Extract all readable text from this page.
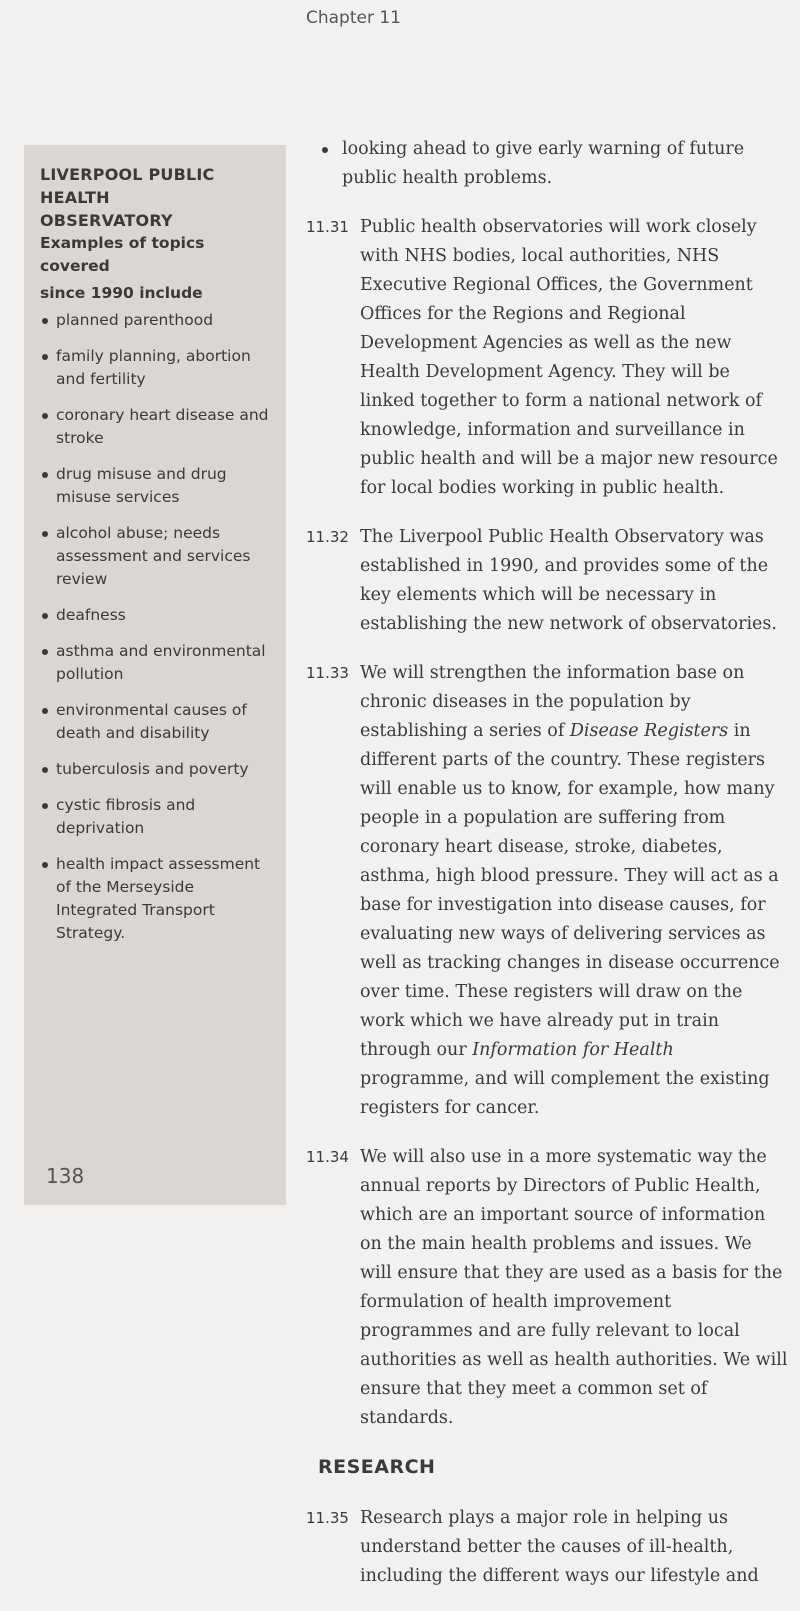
Chapter 11

LIVERPOOL PUBLIC HEALTH

OBSERVATORY

Examples of topics covered

since 1990 include

planned parenthood
family planning, abortion and fertility
coronary heart disease and stroke
drug misuse and drug misuse services
alcohol abuse; needs assessment and services review
deafness
asthma and environmental pollution
environmental causes of death and disability
tuberculosis and poverty
cystic fibrosis and deprivation
health impact assessment of the Merseyside Integrated Transport Strategy.

looking ahead to give early warning of future public health problems.

11.31 Public health observatories will work closely with NHS bodies, local authorities, NHS Executive Regional Offices, the Government Offices for the Regions and Regional Development Agencies as well as the new Health Development Agency. They will be linked together to form a national network of knowledge, information and surveillance in public health and will be a major new resource for local bodies working in public health.
11.32 The Liverpool Public Health Observatory was established in 1990, and provides some of the key elements which will be necessary in establishing the new network of observatories.
11.33 We will strengthen the information base on chronic diseases in the population by establishing a series of Disease Registers in different parts of the country. These registers will enable us to know, for example, how many people in a population are suffering from coronary heart disease, stroke, diabetes, asthma, high blood pressure. They will act as a base for investigation into disease causes, for evaluating new ways of delivering services as well as tracking changes in disease occurrence over time. These registers will draw on the work which we have already put in train through our Information for Health programme, and will complement the existing registers for cancer.
11.34 We will also use in a more systematic way the annual reports by Directors of Public Health, which are an important source of information on the main health problems and issues. We will ensure that they are used as a basis for the formulation of health improvement programmes and are fully relevant to local authorities as well as health authorities. We will ensure that they meet a common set of standards.
RESEARCH
11.35 Research plays a major role in helping us understand better the causes of ill-health, including the different ways our lifestyle and
138
